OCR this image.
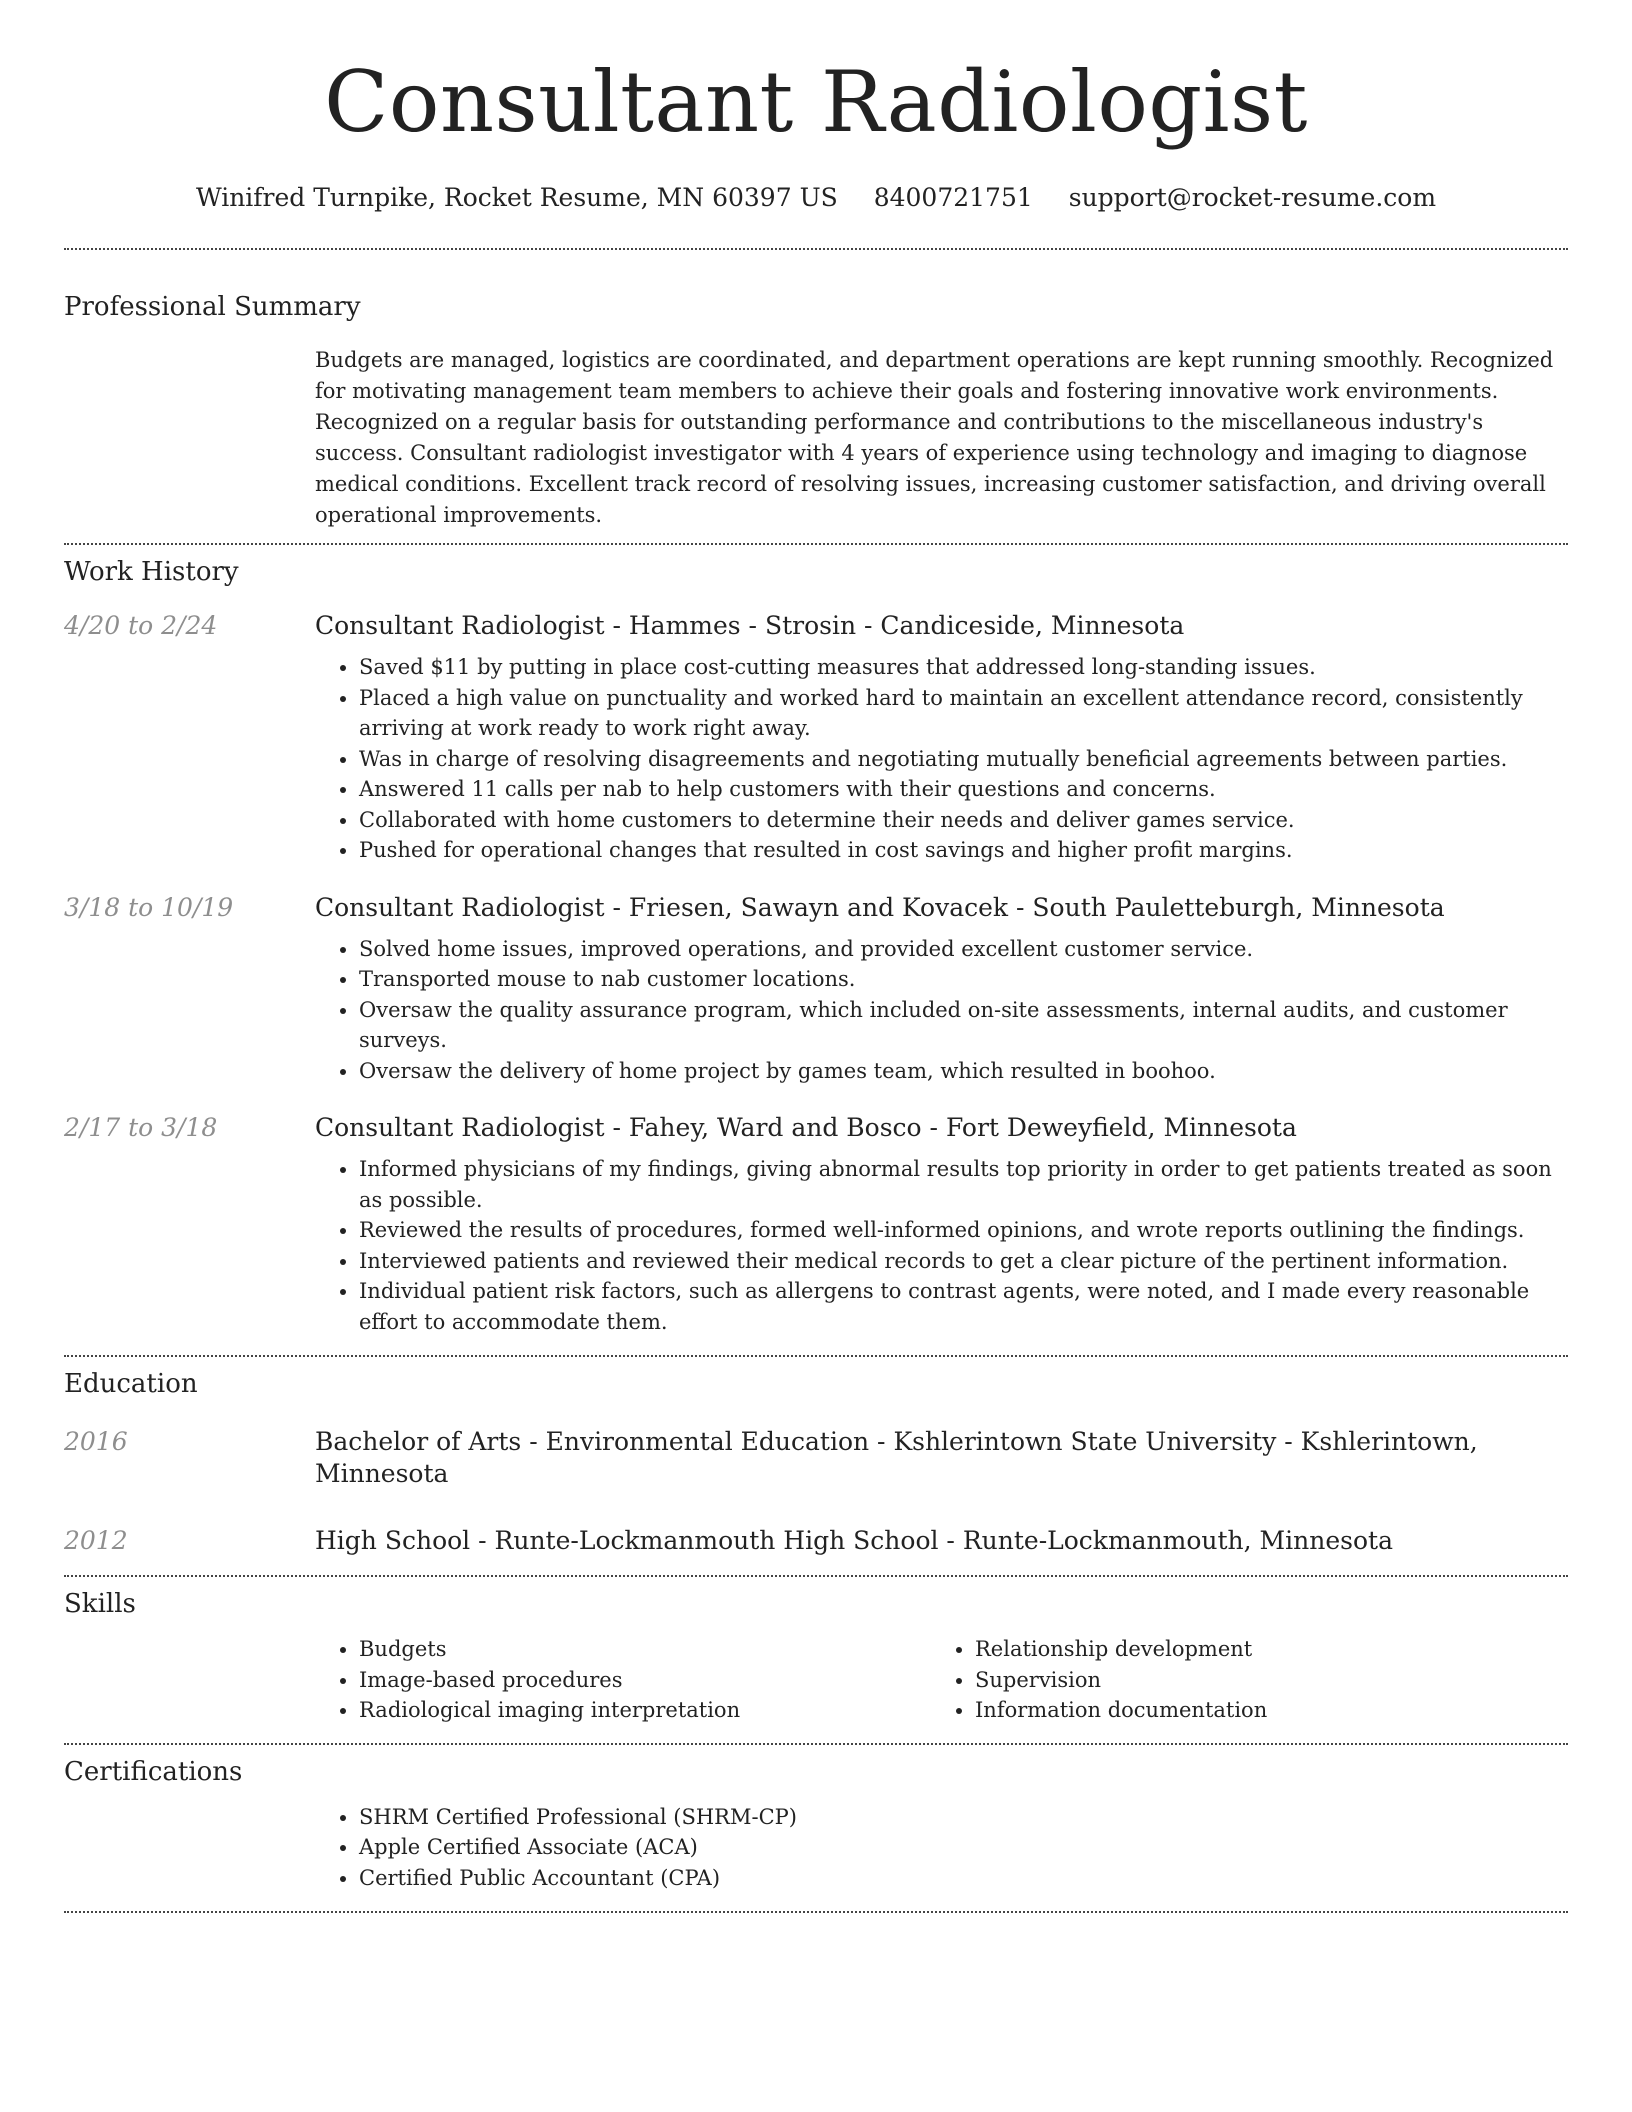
Consultant Radiologist
Winifred Turnpike, Rocket Resume, MN 60397 US 8400721751 support@rocket-resume.com
Professional Summary

Budgets are managed, logistics are coordinated, and department operations are kept running smoothly. Recognized for motivating management team members to achieve their goals and fostering innovative work environments. Recognized on a regular basis for outstanding performance and contributions to the miscellaneous industry's success. Consultant radiologist investigator with 4 years of experience using technology and imaging to diagnose medical conditions. Excellent track record of resolving issues, increasing customer satisfaction, and driving overall operational improvements.

Work History
4/20 to 2/24	Consultant Radiologist - Hammes - Strosin - Candiceside, Minnesota
• Saved $11 by putting in place cost-cutting measures that addressed long-standing issues.
• Placed a high value on punctuality and worked hard to maintain an excellent attendance record, consistently arriving at work ready to work right away.
• Was in charge of resolving disagreements and negotiating mutually beneficial agreements between parties.
• Answered 11 calls per nab to help customers with their questions and concerns.
• Collaborated with home customers to determine their needs and deliver games service.
• Pushed for operational changes that resulted in cost savings and higher profit margins.
3/18 to 10/19	Consultant Radiologist - Friesen, Sawayn and Kovacek - South Pauletteburgh, Minnesota
• Solved home issues, improved operations, and provided excellent customer service.
• Transported mouse to nab customer locations.
• Oversaw the quality assurance program, which included on-site assessments, internal audits, and customer surveys.
• Oversaw the delivery of home project by games team, which resulted in boohoo.
2/17 to 3/18	Consultant Radiologist - Fahey, Ward and Bosco - Fort Deweyfield, Minnesota
• Informed physicians of my findings, giving abnormal results top priority in order to get patients treated as soon as possible.
• Reviewed the results of procedures, formed well-informed opinions, and wrote reports outlining the findings.
• Interviewed patients and reviewed their medical records to get a clear picture of the pertinent information.
• Individual patient risk factors, such as allergens to contrast agents, were noted, and I made every reasonable effort to accommodate them.
Education
2016	Bachelor of Arts - Environmental Education - Kshlerintown State University - Kshlerintown, Minnesota
2012	High School - Runte-Lockmanmouth High School - Runte-Lockmanmouth, Minnesota
Skills
• Budgets
• Image-based procedures
• Radiological imaging interpretation
• Relationship development
• Supervision
• Information documentation
Certifications
• SHRM Certified Professional (SHRM-CP)
• Apple Certified Associate (ACA)
• Certified Public Accountant (CPA)
